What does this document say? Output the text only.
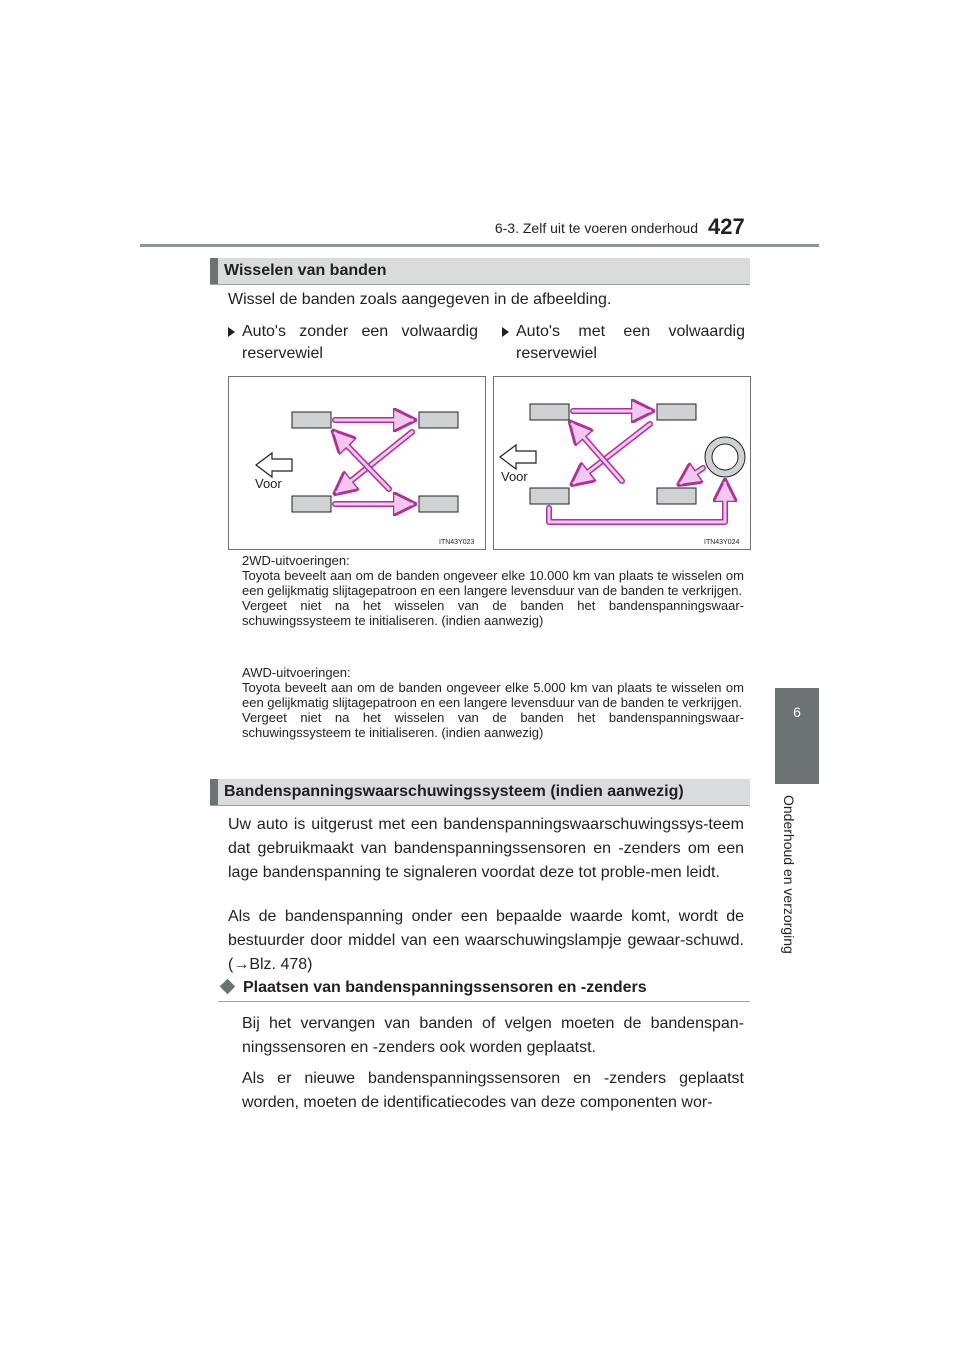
6-3. Zelf uit te voeren onderhoud 427
6
Onderhoud en verzorging
Wisselen van banden
Wissel de banden zoals aangegeven in de afbeelding.
Auto's zonder een volwaardig
reservewiel
Auto's met een volwaardig
reservewiel
Voor
ITN43Y023
Voor
ITN43Y024
2WD-uitvoeringen:
Toyota beveelt aan om de banden ongeveer elke 10.000 km van plaats te wisselen om een gelijkmatig slijtagepatroon en een langere levensduur van de banden te verkrijgen.
Vergeet niet na het wisselen van de banden het bandenspanningswaar-schuwingssysteem te initialiseren. (indien aanwezig)
AWD-uitvoeringen:
Toyota beveelt aan om de banden ongeveer elke 5.000 km van plaats te wisselen om een gelijkmatig slijtagepatroon en een langere levensduur van de banden te verkrijgen.
Vergeet niet na het wisselen van de banden het bandenspanningswaar-schuwingssysteem te initialiseren. (indien aanwezig)
Bandenspanningswaarschuwingssysteem (indien aanwezig)
Uw auto is uitgerust met een bandenspanningswaarschuwingssys-teem dat gebruikmaakt van bandenspanningssensoren en -zenders om een lage bandenspanning te signaleren voordat deze tot proble-men leidt.
Als de bandenspanning onder een bepaalde waarde komt, wordt de bestuurder door middel van een waarschuwingslampje gewaar-schuwd. (→Blz. 478)
Plaatsen van bandenspanningssensoren en -zenders
Bij het vervangen van banden of velgen moeten de bandenspan-ningssensoren en -zenders ook worden geplaatst.
Als er nieuwe bandenspanningssensoren en -zenders geplaatst worden, moeten de identificatiecodes van deze componenten wor-
